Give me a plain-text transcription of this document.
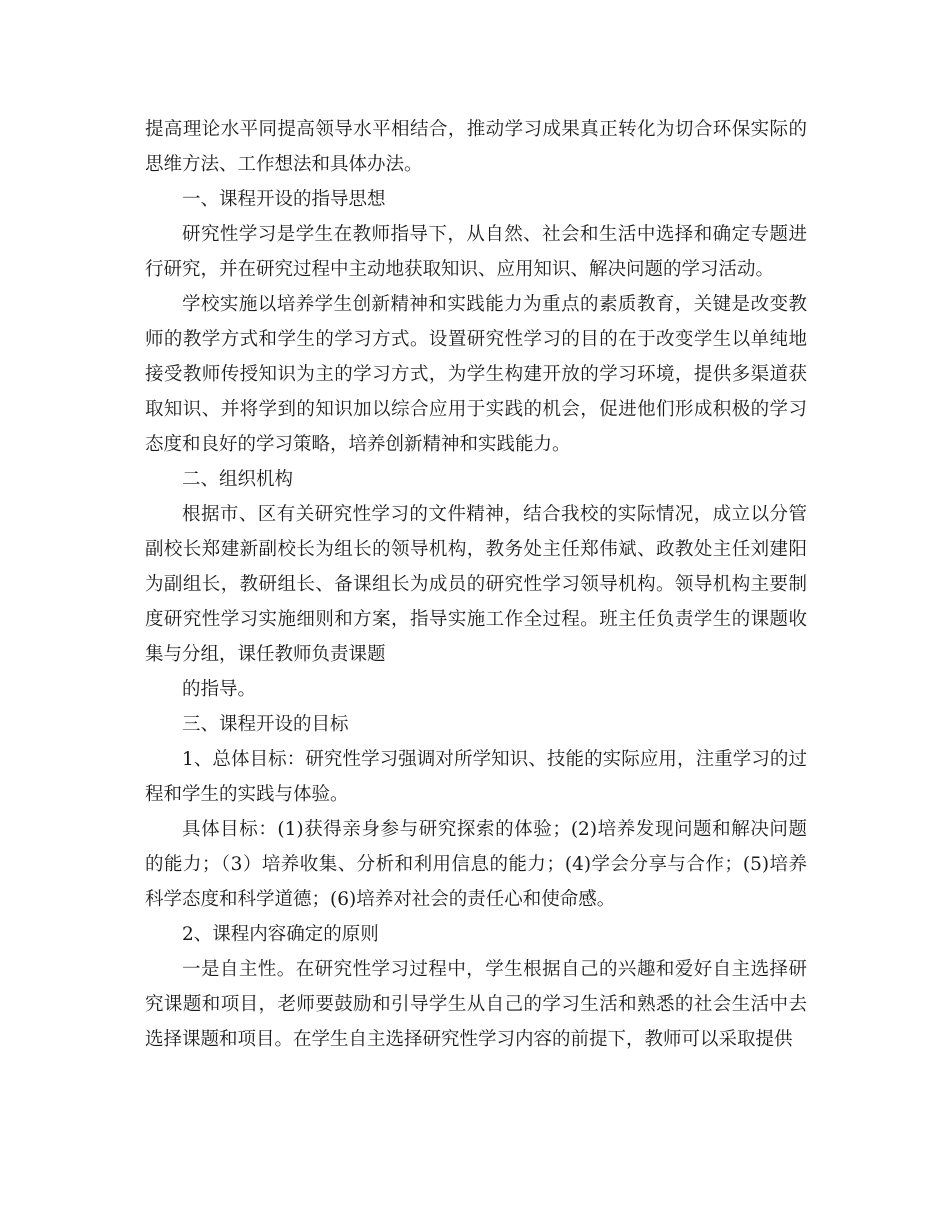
提高理论水平同提高领导水平相结合，推动学习成果真正转化为切合环保实际的思维方法、工作想法和具体办法。

一、课程开设的指导思想

研究性学习是学生在教师指导下，从自然、社会和生活中选择和确定专题进行研究，并在研究过程中主动地获取知识、应用知识、解决问题的学习活动。

学校实施以培养学生创新精神和实践能力为重点的素质教育，关键是改变教师的教学方式和学生的学习方式。设置研究性学习的目的在于改变学生以单纯地接受教师传授知识为主的学习方式，为学生构建开放的学习环境，提供多渠道获取知识、并将学到的知识加以综合应用于实践的机会，促进他们形成积极的学习态度和良好的学习策略，培养创新精神和实践能力。

二、组织机构

根据市、区有关研究性学习的文件精神，结合我校的实际情况，成立以分管副校长郑建新副校长为组长的领导机构，教务处主任郑伟斌、政教处主任刘建阳为副组长，教研组长、备课组长为成员的研究性学习领导机构。领导机构主要制度研究性学习实施细则和方案，指导实施工作全过程。班主任负责学生的课题收集与分组，课任教师负责课题

的指导。

三、课程开设的目标

1、总体目标：研究性学习强调对所学知识、技能的实际应用，注重学习的过程和学生的实践与体验。

具体目标：(1)获得亲身参与研究探索的体验；(2)培养发现问题和解决问题的能力；（3）培养收集、分析和利用信息的能力；(4)学会分享与合作；(5)培养科学态度和科学道德；(6)培养对社会的责任心和使命感。

2、课程内容确定的原则

一是自主性。在研究性学习过程中，学生根据自己的兴趣和爱好自主选择研究课题和项目，老师要鼓励和引导学生从自己的学习生活和熟悉的社会生活中去选择课题和项目。在学生自主选择研究性学习内容的前提下，教师可以采取提供
